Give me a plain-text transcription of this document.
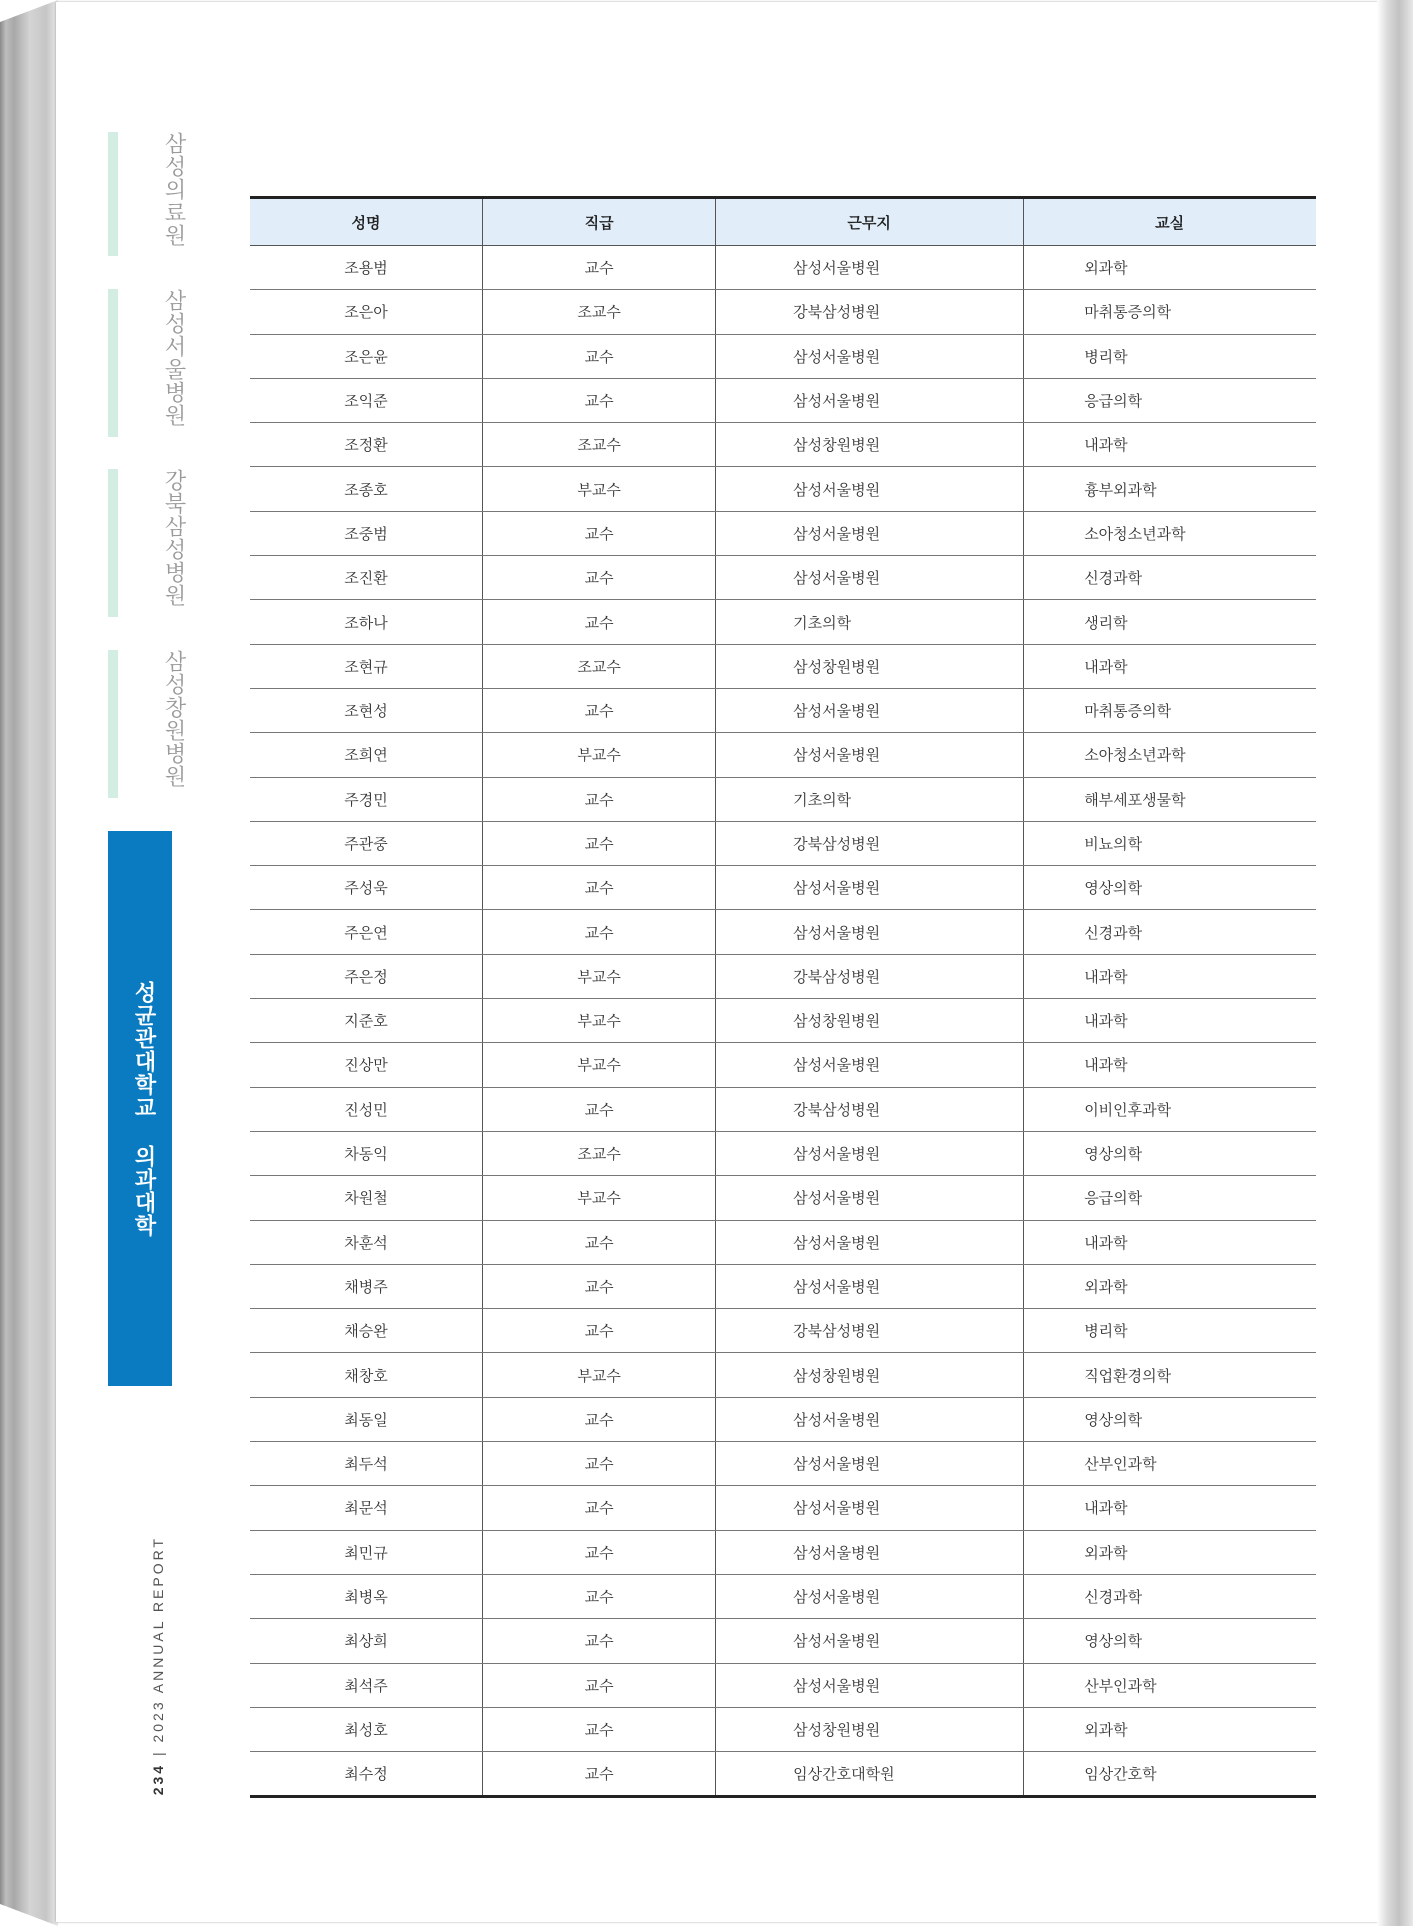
삼성의료원
삼성서울병원
강북삼성병원
삼성창원병원
성균관대학교 의과대학
234 | 2023 ANNUAL REPORT
성명	직급	근무지	교실
조용범	교수	삼성서울병원	외과학
조은아	조교수	강북삼성병원	마취통증의학
조은윤	교수	삼성서울병원	병리학
조익준	교수	삼성서울병원	응급의학
조정환	조교수	삼성창원병원	내과학
조종호	부교수	삼성서울병원	흉부외과학
조중범	교수	삼성서울병원	소아청소년과학
조진환	교수	삼성서울병원	신경과학
조하나	교수	기초의학	생리학
조현규	조교수	삼성창원병원	내과학
조현성	교수	삼성서울병원	마취통증의학
조희연	부교수	삼성서울병원	소아청소년과학
주경민	교수	기초의학	해부세포생물학
주관중	교수	강북삼성병원	비뇨의학
주성욱	교수	삼성서울병원	영상의학
주은연	교수	삼성서울병원	신경과학
주은정	부교수	강북삼성병원	내과학
지준호	부교수	삼성창원병원	내과학
진상만	부교수	삼성서울병원	내과학
진성민	교수	강북삼성병원	이비인후과학
차동익	조교수	삼성서울병원	영상의학
차원철	부교수	삼성서울병원	응급의학
차훈석	교수	삼성서울병원	내과학
채병주	교수	삼성서울병원	외과학
채승완	교수	강북삼성병원	병리학
채창호	부교수	삼성창원병원	직업환경의학
최동일	교수	삼성서울병원	영상의학
최두석	교수	삼성서울병원	산부인과학
최문석	교수	삼성서울병원	내과학
최민규	교수	삼성서울병원	외과학
최병옥	교수	삼성서울병원	신경과학
최상희	교수	삼성서울병원	영상의학
최석주	교수	삼성서울병원	산부인과학
최성호	교수	삼성창원병원	외과학
최수정	교수	임상간호대학원	임상간호학
